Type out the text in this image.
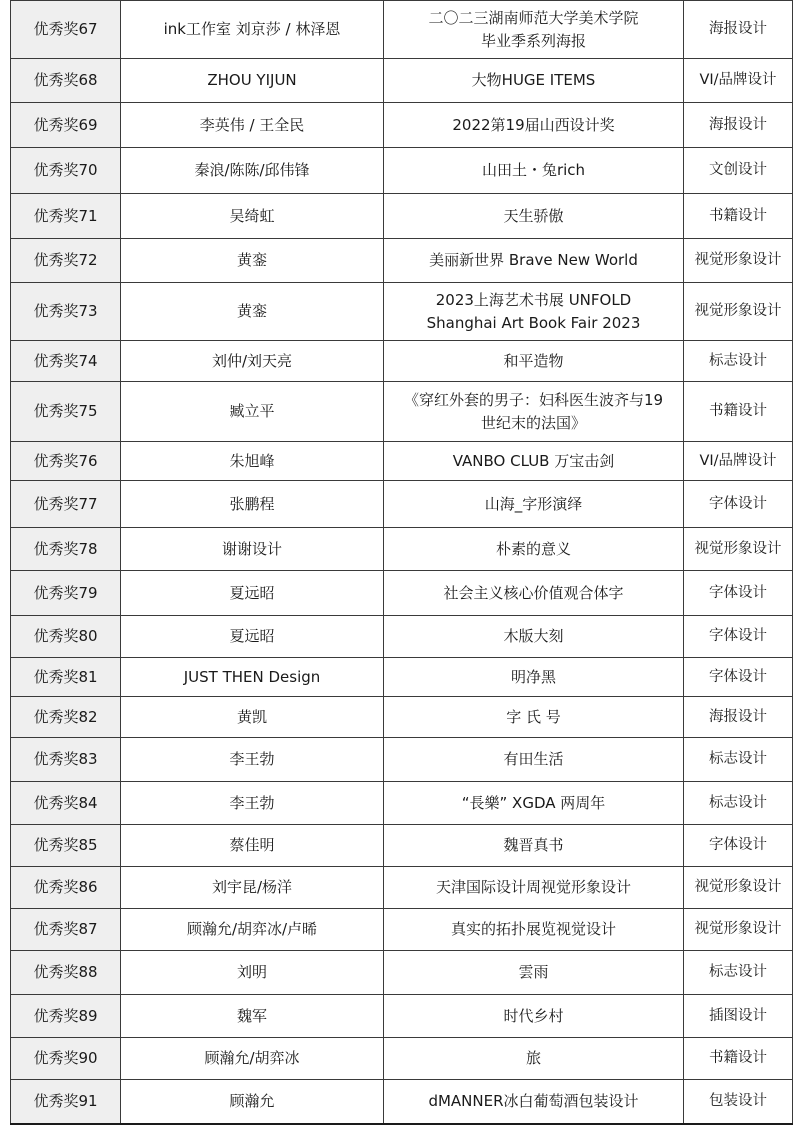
优秀奖67	ink工作室 刘京莎 / 林泽恩	二〇二三湖南师范大学美术学院
毕业季系列海报	海报设计
优秀奖68	ZHOU YIJUN	大物HUGE ITEMS	VI/品牌设计
优秀奖69	李英伟 / 王全民	2022第19届山西设计奖	海报设计
优秀奖70	秦浪/陈陈/邱伟锋	山田土・兔rich	文创设计
优秀奖71	吴绮虹	天生骄傲	书籍设计
优秀奖72	黄銮	美丽新世界 Brave New World	视觉形象设计
优秀奖73	黄銮	2023上海艺术书展 UNFOLD
Shanghai Art Book Fair 2023	视觉形象设计
优秀奖74	刘仲/刘天亮	和平造物	标志设计
优秀奖75	臧立平	《穿红外套的男子：妇科医生波齐与19
世纪末的法国》	书籍设计
优秀奖76	朱旭峰	VANBO CLUB 万宝击剑	VI/品牌设计
优秀奖77	张鹏程	山海_字形演绎	字体设计
优秀奖78	谢谢设计	朴素的意义	视觉形象设计
优秀奖79	夏远昭	社会主义核心价值观合体字	字体设计
优秀奖80	夏远昭	木版大刻	字体设计
优秀奖81	JUST THEN Design	明净黑	字体设计
优秀奖82	黄凯	字 氏 号	海报设计
优秀奖83	李王勃	有田生活	标志设计
优秀奖84	李王勃	“長樂” XGDA 两周年	标志设计
优秀奖85	蔡佳明	魏晋真书	字体设计
优秀奖86	刘宇昆/杨洋	天津国际设计周视觉形象设计	视觉形象设计
优秀奖87	顾瀚允/胡弈冰/卢晞	真实的拓扑展览视觉设计	视觉形象设计
优秀奖88	刘明	雲雨	标志设计
优秀奖89	魏军	时代乡村	插图设计
优秀奖90	顾瀚允/胡弈冰	旅	书籍设计
优秀奖91	顾瀚允	dMANNER冰白葡萄酒包装设计	包装设计
